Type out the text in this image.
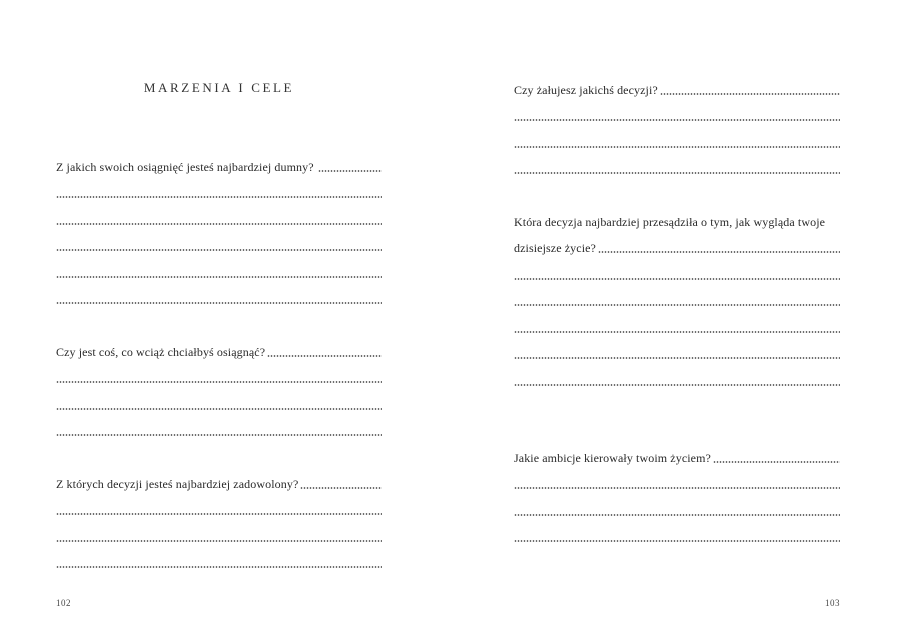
MARZENIA I CELE
Z jakich swoich osiągnięć jesteś najbardziej dumny?
Czy jest coś, co wciąż chciałbyś osiągnąć?
Z których decyzji jesteś najbardziej zadowolony?
102
Czy żałujesz jakichś decyzji?
Która decyzja najbardziej przesądziła o tym, jak wygląda twoje
dzisiejsze życie?
Jakie ambicje kierowały twoim życiem?
103
